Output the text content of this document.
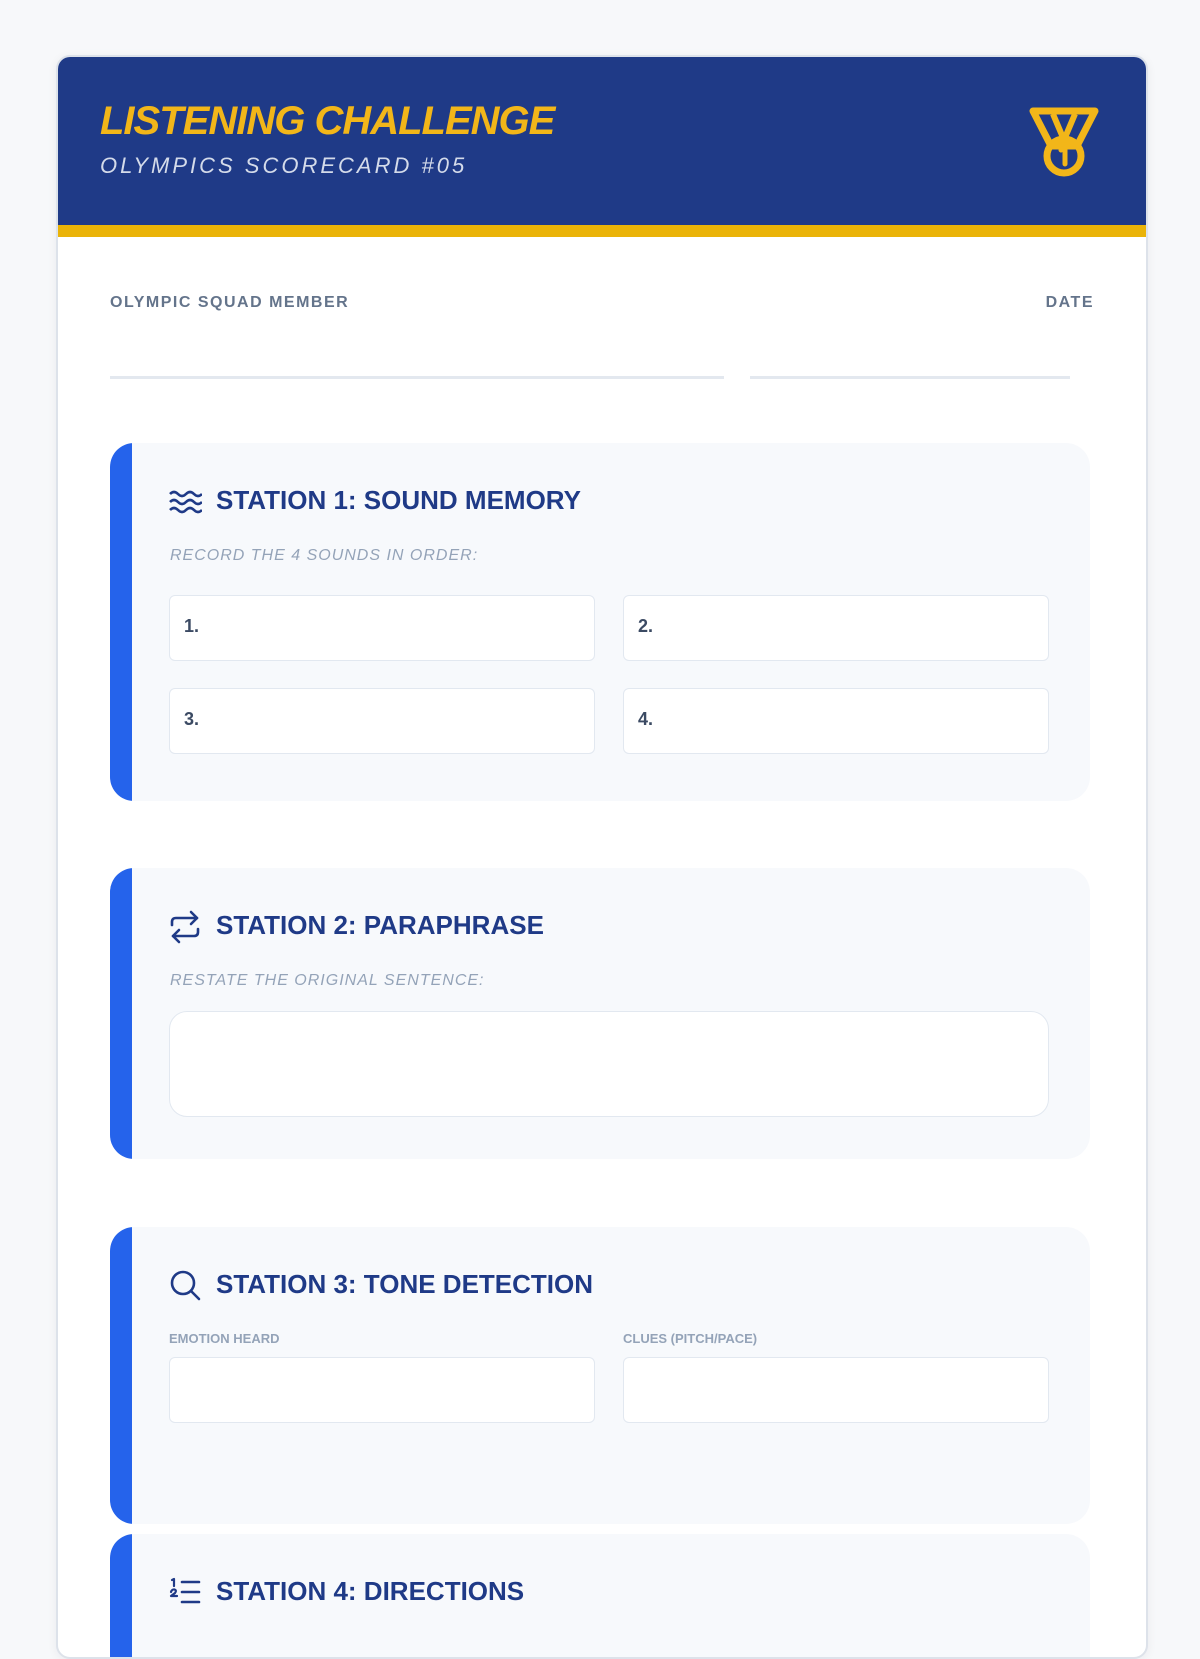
LISTENING CHALLENGE
OLYMPICS SCORECARD #05
OLYMPIC SQUAD MEMBER	DATE
STATION 1: SOUND MEMORY
RECORD THE 4 SOUNDS IN ORDER:
1.	2.
3.	4.
STATION 2: PARAPHRASE
RESTATE THE ORIGINAL SENTENCE:
STATION 3: TONE DETECTION
EMOTION HEARD	CLUES (PITCH/PACE)
STATION 4: DIRECTIONS
